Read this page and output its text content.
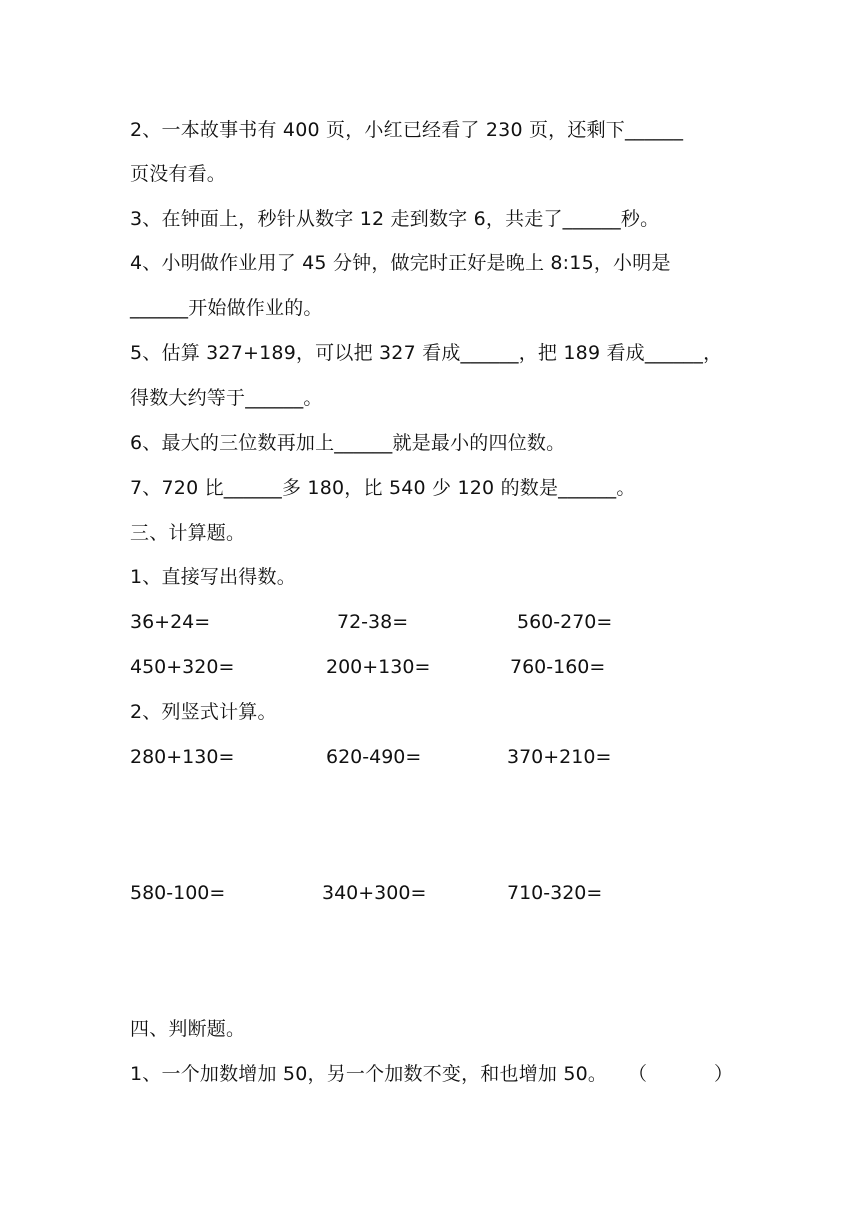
2、一本故事书有 400 页，小红已经看了 230 页，还剩下______
页没有看。
3、在钟面上，秒针从数字 12 走到数字 6，共走了______秒。
4、小明做作业用了 45 分钟，做完时正好是晚上 8:15，小明是
______开始做作业的。
5、估算 327+189，可以把 327 看成______，把 189 看成______，
得数大约等于______。
6、最大的三位数再加上______就是最小的四位数。
7、720 比______多 180，比 540 少 120 的数是______。
三、计算题。
1、直接写出得数。
36+24=	72-38=	560-270=
450+320=	200+130=	760-160=
2、列竖式计算。
280+130=	620-490=	370+210=
580-100=	340+300=	710-320=
四、判断题。
1、一个加数增加 50，另一个加数不变，和也增加 50。 （	）
